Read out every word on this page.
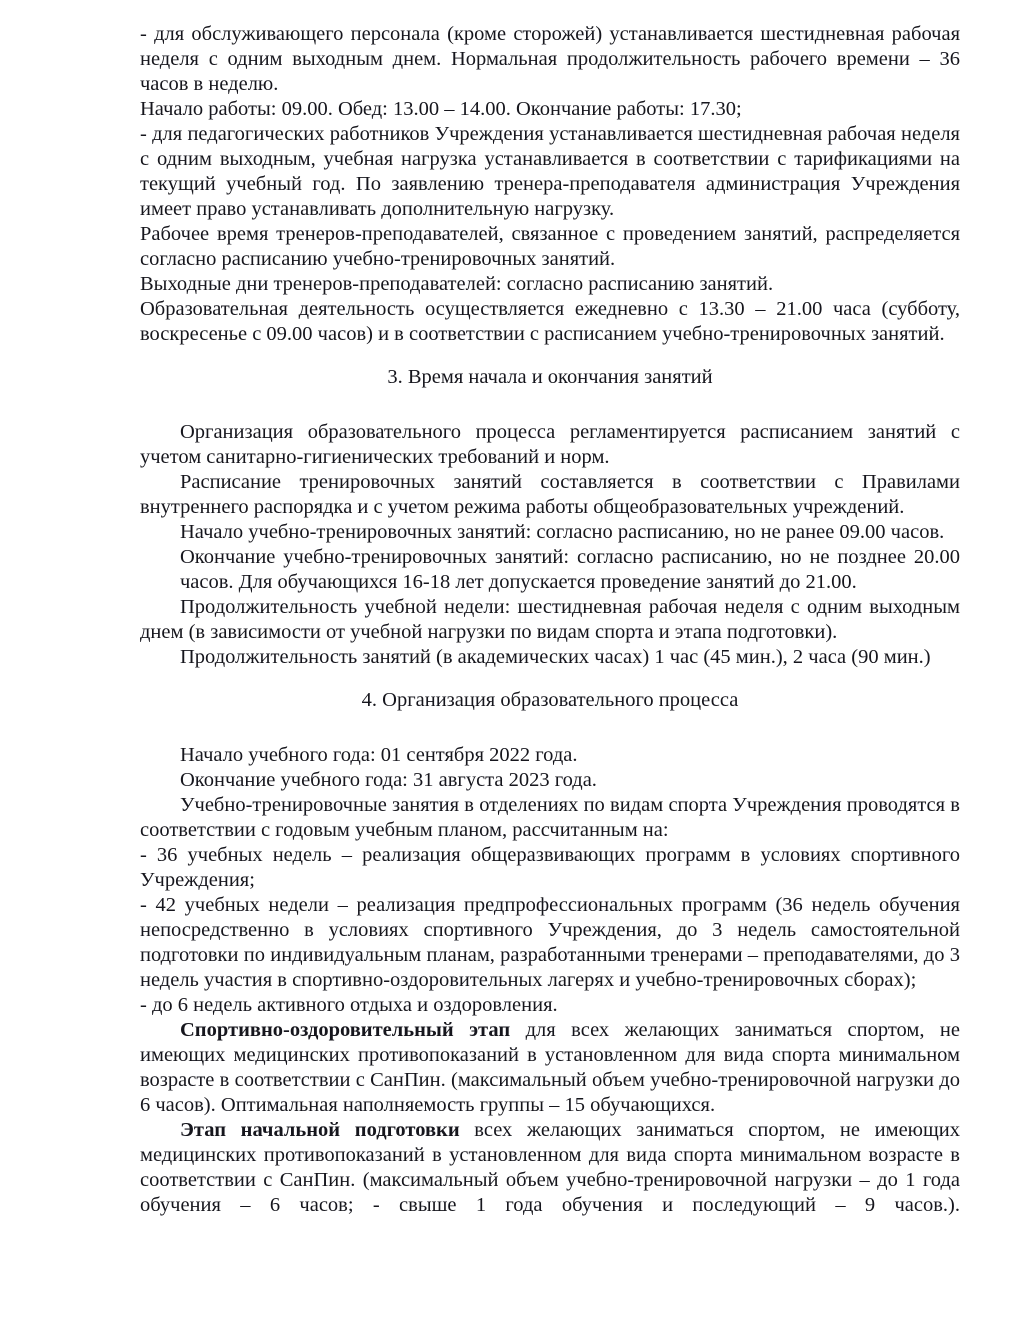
- для обслуживающего персонала (кроме сторожей) устанавливается шестидневная рабочая неделя с одним выходным днем. Нормальная продолжительность рабочего времени – 36 часов в неделю.

Начало работы: 09.00. Обед: 13.00 – 14.00. Окончание работы: 17.30;

- для педагогических работников Учреждения устанавливается шестидневная рабочая неделя с одним выходным, учебная нагрузка устанавливается в соответствии с тарификациями на текущий учебный год. По заявлению тренера-преподавателя администрация Учреждения имеет право устанавливать дополнительную нагрузку.

Рабочее время тренеров-преподавателей, связанное с проведением занятий, распределяется согласно расписанию учебно-тренировочных занятий.

Выходные дни тренеров-преподавателей: согласно расписанию занятий.

Образовательная деятельность осуществляется ежедневно с 13.30 – 21.00 часа (субботу, воскресенье с 09.00 часов) и в соответствии с расписанием учебно-тренировочных занятий.

3. Время начала и окончания занятий

Организация образовательного процесса регламентируется расписанием занятий с учетом санитарно-гигиенических требований и норм.

Расписание тренировочных занятий составляется в соответствии с Правилами внутреннего распорядка и с учетом режима работы общеобразовательных учреждений.

Начало учебно-тренировочных занятий: согласно расписанию, но не ранее 09.00 часов.

Окончание учебно-тренировочных занятий: согласно расписанию, но не позднее 20.00 часов. Для обучающихся 16-18 лет допускается проведение занятий до 21.00.

Продолжительность учебной недели: шестидневная рабочая неделя с одним выходным днем (в зависимости от учебной нагрузки по видам спорта и этапа подготовки).

Продолжительность занятий (в академических часах) 1 час (45 мин.), 2 часа (90 мин.)

4. Организация образовательного процесса

Начало учебного года: 01 сентября 2022 года.

Окончание учебного года: 31 августа 2023 года.

Учебно-тренировочные занятия в отделениях по видам спорта Учреждения проводятся в соответствии с годовым учебным планом, рассчитанным на:

- 36 учебных недель – реализация общеразвивающих программ в условиях спортивного Учреждения;

- 42 учебных недели – реализация предпрофессиональных программ (36 недель обучения непосредственно в условиях спортивного Учреждения, до 3 недель самостоятельной подготовки по индивидуальным планам, разработанными тренерами – преподавателями, до 3 недель участия в спортивно-оздоровительных лагерях и учебно-тренировочных сборах);

- до 6 недель активного отдыха и оздоровления.

Спортивно-оздоровительный этап для всех желающих заниматься спортом, не имеющих медицинских противопоказаний в установленном для вида спорта минимальном возрасте в соответствии с СанПин. (максимальный объем учебно-тренировочной нагрузки до 6 часов). Оптимальная наполняемость группы – 15 обучающихся.

Этап начальной подготовки всех желающих заниматься спортом, не имеющих медицинских противопоказаний в установленном для вида спорта минимальном возрасте в соответствии с СанПин. (максимальный объем учебно-тренировочной нагрузки – до 1 года обучения – 6 часов; - свыше 1 года обучения и последующий – 9 часов.).
